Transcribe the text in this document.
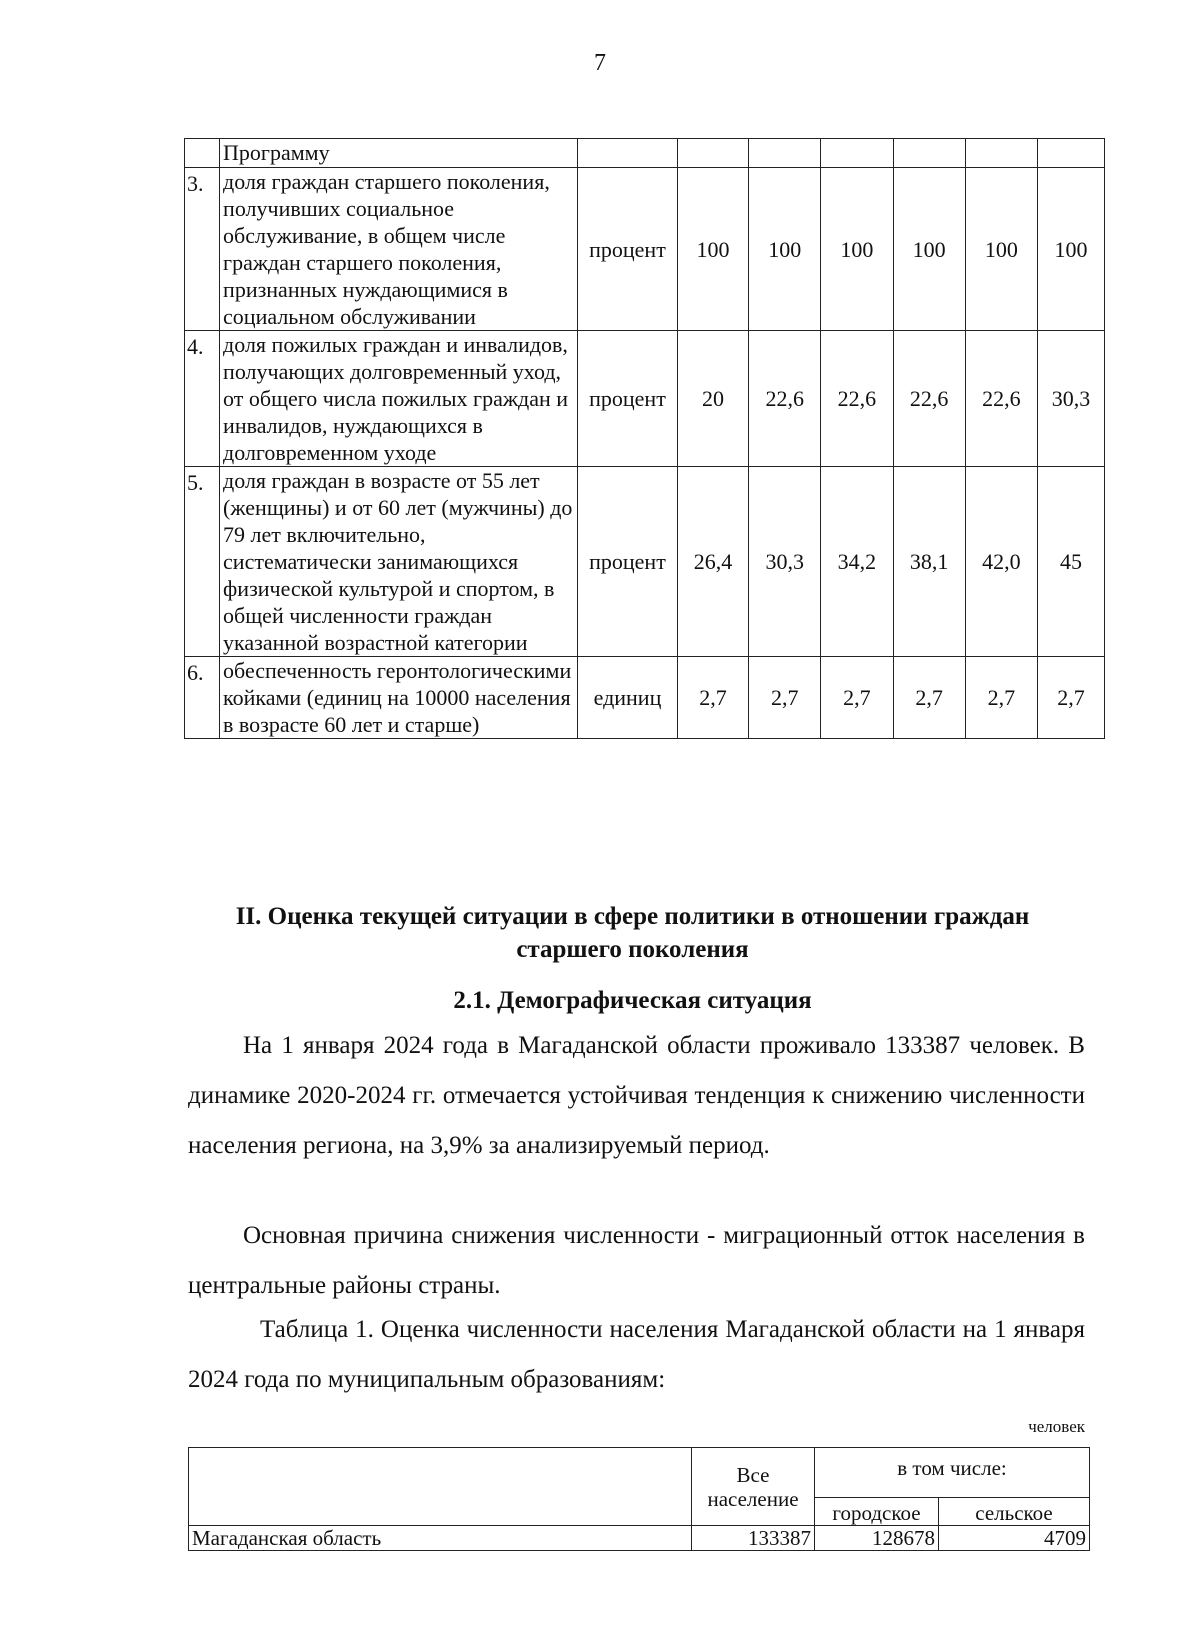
7
	Программу							
3.	доля граждан старшего поколения, получивших социальное обслуживание, в общем числе граждан старшего поколения, признанных нуждающимися в социальном обслуживании	процент	100	100	100	100	100	100
4.	доля пожилых граждан и инвалидов, получающих долговременный уход, от общего числа пожилых граждан и инвалидов, нуждающихся в долговременном уходе	процент	20	22,6	22,6	22,6	22,6	30,3
5.	доля граждан в возрасте от 55 лет (женщины) и от 60 лет (мужчины) до 79 лет включительно, систематически занимающихся физической культурой и спортом, в общей численности граждан указанной возрастной категории	процент	26,4	30,3	34,2	38,1	42,0	45
6.	обеспеченность геронтологическими койками (единиц на 10000 населения в возрасте 60 лет и старше)	единиц	2,7	2,7	2,7	2,7	2,7	2,7
II. Оценка текущей ситуации в сфере политики в отношении граждан старшего поколения
2.1. Демографическая ситуация

На 1 января 2024 года в Магаданской области проживало 133387 человек. В динамике 2020-2024 гг. отмечается устойчивая тенденция к снижению численности населения региона, на 3,9% за анализируемый период.

Основная причина снижения численности - миграционный отток населения в центральные районы страны.

Таблица 1. Оценка численности населения Магаданской области на 1 января 2024 года по муниципальным образованиям:

человек
	Все население	в том числе:	
		городское	сельское
Магаданская область	133387	128678	4709
